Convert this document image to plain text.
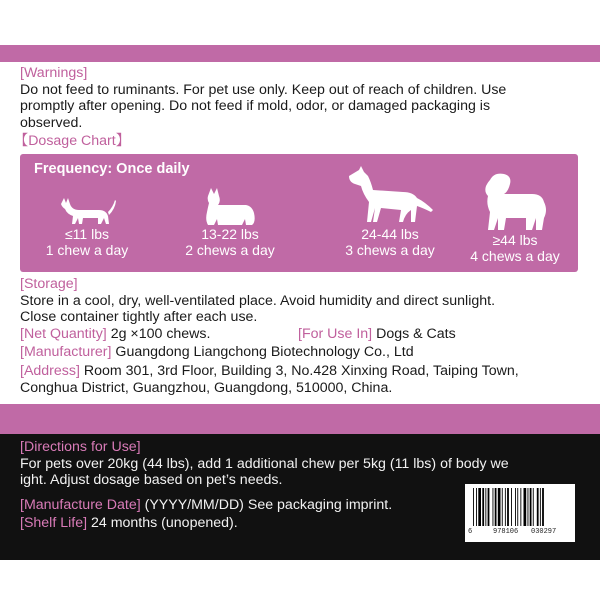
[Warnings]
Do not feed to ruminants. For pet use only. Keep out of reach of children. Use
promptly after opening. Do not feed if mold, odor, or damaged packaging is
observed.
【Dosage Chart】
Frequency: Once daily
≤11 lbs
1 chew a day
13-22 lbs
2 chews a day
24-44 lbs
3 chews a day
≥44 lbs
4 chews a day
[Storage]
Store in a cool, dry, well-ventilated place. Avoid humidity and direct sunlight.
Close container tightly after each use.
[Net Quantity] 2g ×100 chews.	[For Use In] Dogs & Cats
[Manufacturer] Guangdong Liangchong Biotechnology Co., Ltd
[Address] Room 301, 3rd Floor, Building 3, No.428 Xinxing Road, Taiping Town,
Conghua District, Guangzhou, Guangdong, 510000, China.
[Directions for Use]
For pets over 20kg (44 lbs), add 1 additional chew per 5kg (11 lbs) of body we
ight. Adjust dosage based on pet’s needs.
[Manufacture Date] (YYYY/MM/DD) See packaging imprint.
[Shelf Life] 24 months (unopened).
6	978106 030297
